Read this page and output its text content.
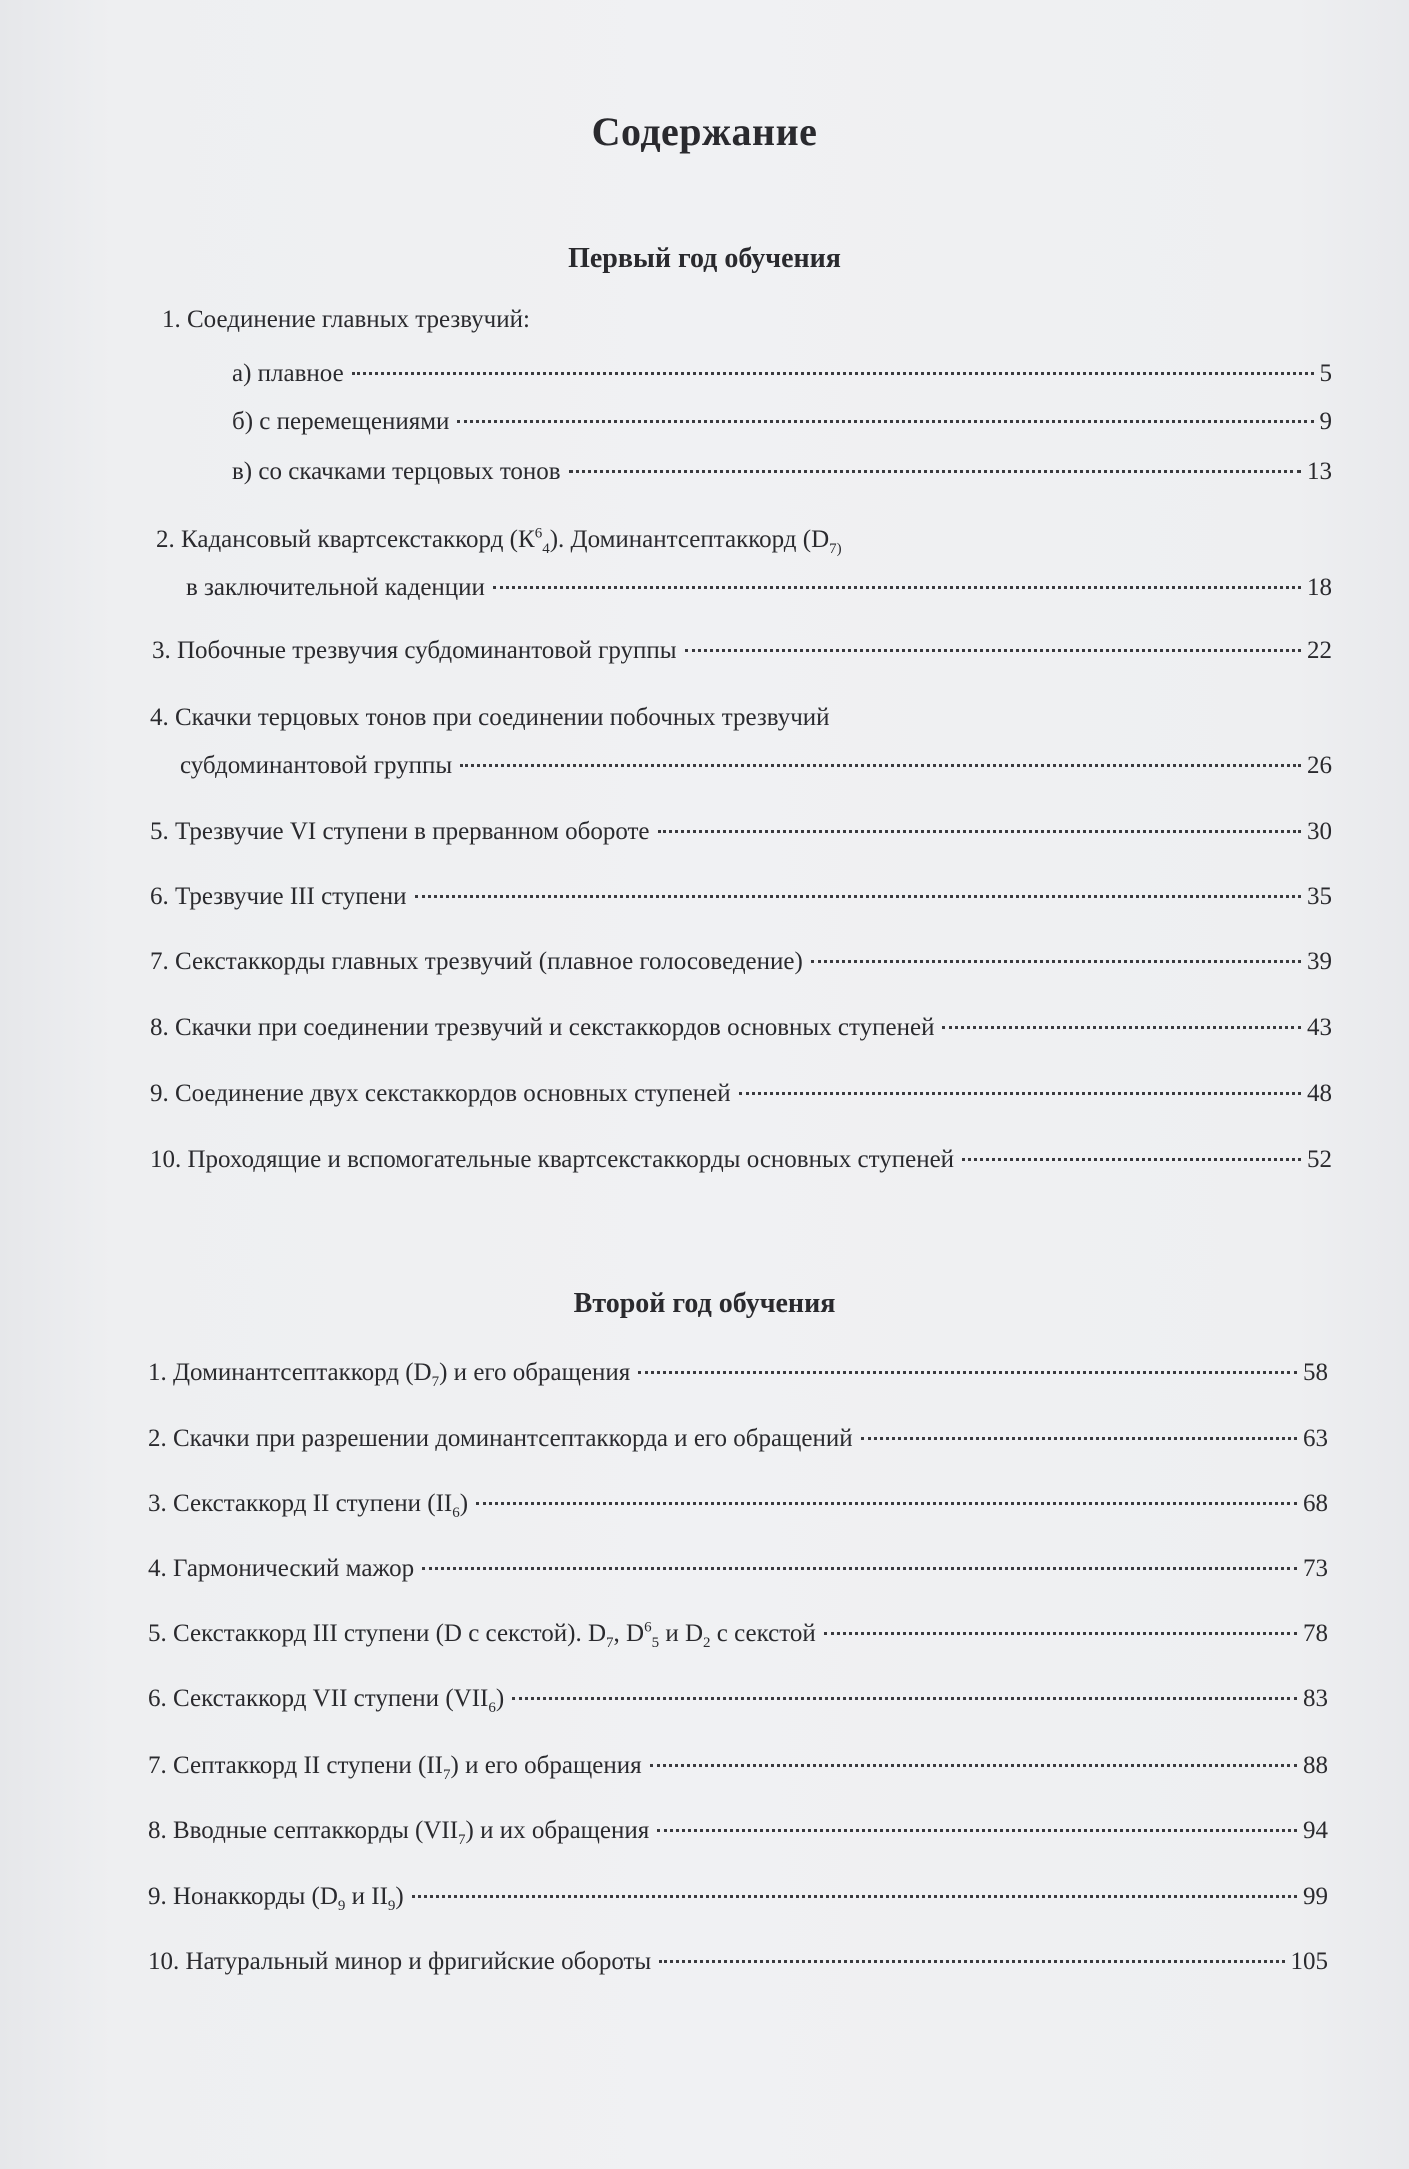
Содержание
Первый год обучения
1. Соединение главных трезвучий:
а) плавное	5
б) с перемещениями	9
в) со скачками терцовых тонов	13
2. Кадансовый квартсекстаккорд $(К^6_4)$. Доминантсептаккорд ($D_{7)}$
в заключительной каденции	18
3. Побочные трезвучия субдоминантовой группы	22
4. Скачки терцовых тонов при соединении побочных трезвучий
субдоминантовой группы	26
5. Трезвучие VI ступени в прерванном обороте	30
6. Трезвучие III ступени	35
7. Секстаккорды главных трезвучий (плавное голосоведение)	39
8. Скачки при соединении трезвучий и секстаккордов основных ступеней	43
9. Соединение двух секстаккордов основных ступеней	48
10. Проходящие и вспомогательные квартсекстаккорды основных ступеней	52
Второй год обучения
1. Доминантсептаккорд $(D_7)$ и его обращения	58
2. Скачки при разрешении доминантсептаккорда и его обращений	63
3. Секстаккорд II ступени $(II_6)$	68
4. Гармонический мажор	73
5. Секстаккорд III ступени (D с секстой). $D_7$, $D^6_5$ и $D_2$ с секстой	78
6. Секстаккорд VII ступени $(VII_6)$	83
7. Септаккорд II ступени $(II_7)$ и его обращения	88
8. Вводные септаккорды $(VII_7)$ и их обращения	94
9. Нонаккорды ($D_9$ и $II_9$)	99
10. Натуральный минор и фригийские обороты	105
